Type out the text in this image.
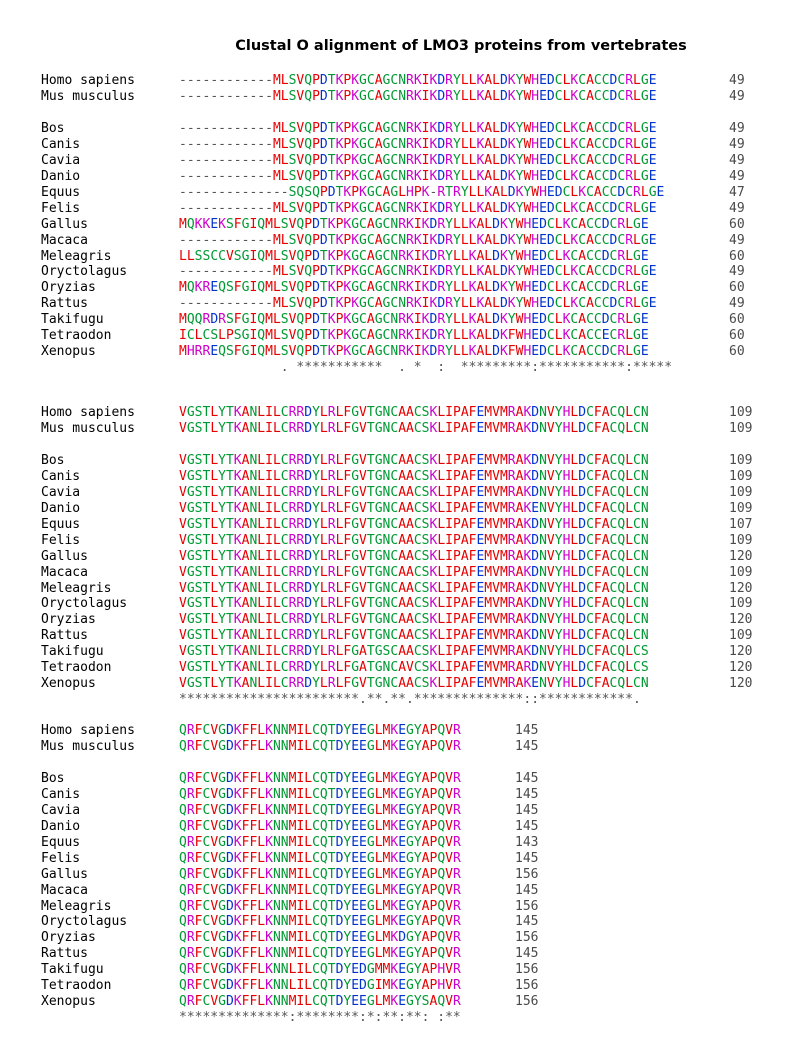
Clustal O alignment of LMO3 proteins from vertebrates
Homo sapiens	------------MLSVQPDTKPKGCAGCNRKIKDRYLLKALDKYWHEDCLKCACCDCRLGE	49
Mus musculus	------------MLSVQPDTKPKGCAGCNRKIKDRYLLKALDKYWHEDCLKCACCDCRLGE	49
Bos	------------MLSVQPDTKPKGCAGCNRKIKDRYLLKALDKYWHEDCLKCACCDCRLGE	49
Canis	------------MLSVQPDTKPKGCAGCNRKIKDRYLLKALDKYWHEDCLKCACCDCRLGE	49
Cavia	------------MLSVQPDTKPKGCAGCNRKIKDRYLLKALDKYWHEDCLKCACCDCRLGE	49
Danio	------------MLSVQPDTKPKGCAGCNRKIKDRYLLKALDKYWHEDCLKCACCDCRLGE	49
Equus	--------------SQSQPDTKPKGCAGLHPK-RTRYLLKALDKYWHEDCLKCACCDCRLGE	47
Felis	------------MLSVQPDTKPKGCAGCNRKIKDRYLLKALDKYWHEDCLKCACCDCRLGE	49
Gallus	MQKKEKSFGIQMLSVQPDTKPKGCAGCNRKIKDRYLLKALDKYWHEDCLKCACCDCRLGE	60
Macaca	------------MLSVQPDTKPKGCAGCNRKIKDRYLLKALDKYWHEDCLKCACCDCRLGE	49
Meleagris	LLSSCCVSGIQMLSVQPDTKPKGCAGCNRKIKDRYLLKALDKYWHEDCLKCACCDCRLGE	60
Oryctolagus	------------MLSVQPDTKPKGCAGCNRKIKDRYLLKALDKYWHEDCLKCACCDCRLGE	49
Oryzias	MQKREQSFGIQMLSVQPDTKPKGCAGCNRKIKDRYLLKALDKYWHEDCLKCACCDCRLGE	60
Rattus	------------MLSVQPDTKPKGCAGCNRKIKDRYLLKALDKYWHEDCLKCACCDCRLGE	49
Takifugu	MQQRDRSFGIQMLSVQPDTKPKGCAGCNRKIKDRYLLKALDKYWHEDCLKCACCDCRLGE	60
Tetraodon	ICLCSLPSGIQMLSVQPDTKPKGCAGCNRKIKDRYLLKALDKFWHEDCLKCACCECRLGE	60
Xenopus	MHRREQSFGIQMLSVQPDTKPKGCAGCNRKIKDRYLLKALDKFWHEDCLKCACCDCRLGE	60
. ***********  . *  :  *********:***********:*****
Homo sapiens	VGSTLYTKANLILCRRDYLRLFGVTGNCAACSKLIPAFEMVMRAKDNVYHLDCFACQLCN	109
Mus musculus	VGSTLYTKANLILCRRDYLRLFGVTGNCAACSKLIPAFEMVMRAKDNVYHLDCFACQLCN	109
Bos	VGSTLYTKANLILCRRDYLRLFGVTGNCAACSKLIPAFEMVMRAKDNVYHLDCFACQLCN	109
Canis	VGSTLYTKANLILCRRDYLRLFGVTGNCAACSKLIPAFEMVMRAKDNVYHLDCFACQLCN	109
Cavia	VGSTLYTKANLILCRRDYLRLFGVTGNCAACSKLIPAFEMVMRAKDNVYHLDCFACQLCN	109
Danio	VGSTLYTKANLILCRRDYLRLFGVTGNCAACSKLIPAFEMVMRAKENVYHLDCFACQLCN	109
Equus	VGSTLYTKANLILCRRDYLRLFGVTGNCAACSKLIPAFEMVMRAKDNVYHLDCFACQLCN	107
Felis	VGSTLYTKANLILCRRDYLRLFGVTGNCAACSKLIPAFEMVMRAKDNVYHLDCFACQLCN	109
Gallus	VGSTLYTKANLILCRRDYLRLFGVTGNCAACSKLIPAFEMVMRAKDNVYHLDCFACQLCN	120
Macaca	VGSTLYTKANLILCRRDYLRLFGVTGNCAACSKLIPAFEMVMRAKDNVYHLDCFACQLCN	109
Meleagris	VGSTLYTKANLILCRRDYLRLFGVTGNCAACSKLIPAFEMVMRAKDNVYHLDCFACQLCN	120
Oryctolagus	VGSTLYTKANLILCRRDYLRLFGVTGNCAACSKLIPAFEMVMRAKDNVYHLDCFACQLCN	109
Oryzias	VGSTLYTKANLILCRRDYLRLFGVTGNCAACSKLIPAFEMVMRAKDNVYHLDCFACQLCN	120
Rattus	VGSTLYTKANLILCRRDYLRLFGVTGNCAACSKLIPAFEMVMRAKDNVYHLDCFACQLCN	109
Takifugu	VGSTLYTKANLILCRRDYLRLFGATGSCAACSKLIPAFEMVMRAKDNVYHLDCFACQLCS	120
Tetraodon	VGSTLYTKANLILCRRDYLRLFGATGNCAVCSKLIPAFEMVMRARDNVYHLDCFACQLCS	120
Xenopus	VGSTLYTKANLILCRRDYLRLFGVTGNCAACSKLIPAFEMVMRAKENVYHLDCFACQLCN	120
***********************.**.**.**************::************.
Homo sapiens	QRFCVGDKFFLKNNMILCQTDYEEGLMKEGYAPQVR	145
Mus musculus	QRFCVGDKFFLKNNMILCQTDYEEGLMKEGYAPQVR	145
Bos	QRFCVGDKFFLKNNMILCQTDYEEGLMKEGYAPQVR	145
Canis	QRFCVGDKFFLKNNMILCQTDYEEGLMKEGYAPQVR	145
Cavia	QRFCVGDKFFLKNNMILCQTDYEEGLMKEGYAPQVR	145
Danio	QRFCVGDKFFLKNNMILCQTDYEEGLMKEGYAPQVR	145
Equus	QRFCVGDKFFLKNNMILCQTDYEEGLMKEGYAPQVR	143
Felis	QRFCVGDKFFLKNNMILCQTDYEEGLMKEGYAPQVR	145
Gallus	QRFCVGDKFFLKNNMILCQTDYEEGLMKEGYAPQVR	156
Macaca	QRFCVGDKFFLKNNMILCQTDYEEGLMKEGYAPQVR	145
Meleagris	QRFCVGDKFFLKNNMILCQTDYEEGLMKEGYAPQVR	156
Oryctolagus	QRFCVGDKFFLKNNMILCQTDYEEGLMKEGYAPQVR	145
Oryzias	QRFCVGDKFFLKNNMILCQTDYEEGLMKDGYAPQVR	156
Rattus	QRFCVGDKFFLKNNMILCQTDYEEGLMKEGYAPQVR	145
Takifugu	QRFCVGDKFFLKNNLILCQTDYEDGMMKEGYAPHVR	156
Tetraodon	QRFCVGDKFFLKNNLILCQTDYEDGIMKEGYAPHVR	156
Xenopus	QRFCVGDKFFLKNNMILCQTDYEEGLMKEGYSAQVR	156
**************:********:*:**:**: :**
